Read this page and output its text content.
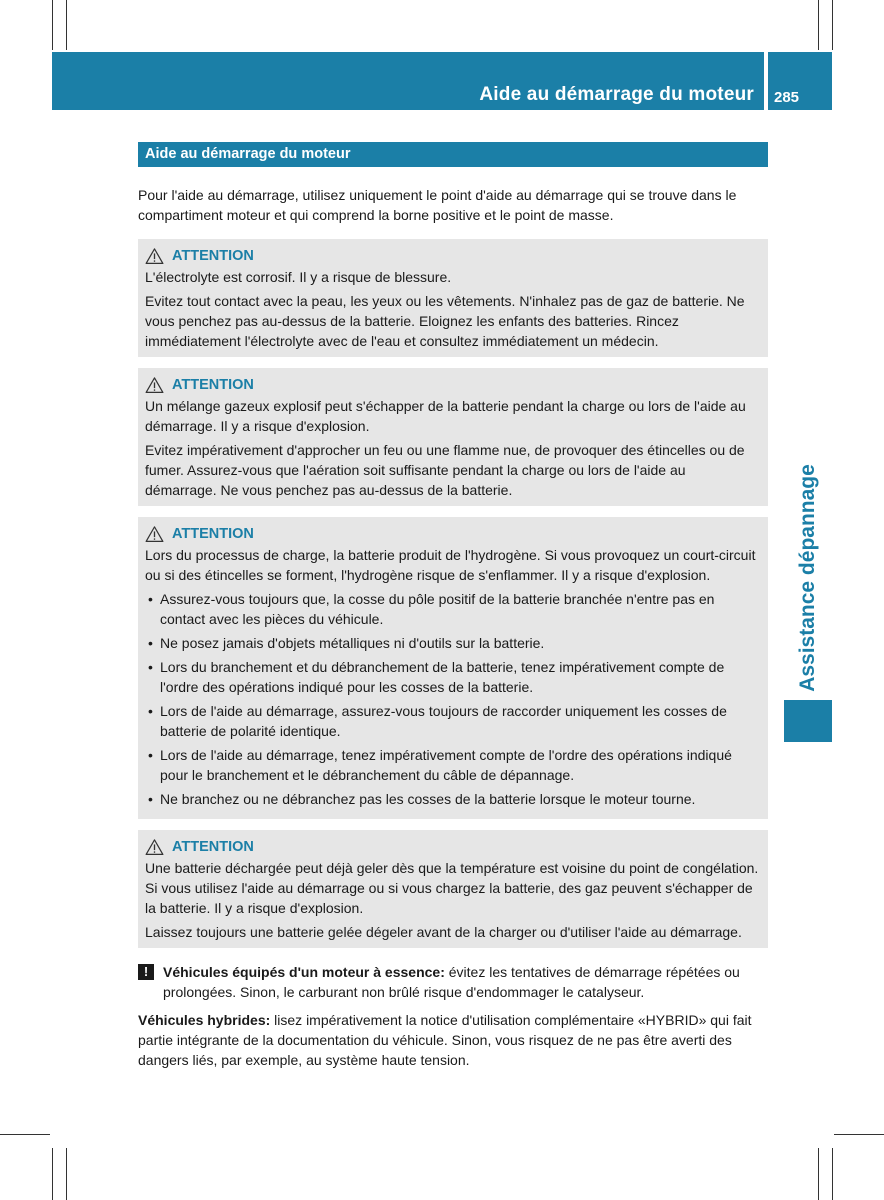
Aide au démarrage du moteur 285
Assistance dépannage
Aide au démarrage du moteur

Pour l'aide au démarrage, utilisez uniquement le point d'aide au démarrage qui se trouve dans le compartiment moteur et qui comprend la borne positive et le point de masse.

ATTENTION

L'électrolyte est corrosif. Il y a risque de blessure.

Evitez tout contact avec la peau, les yeux ou les vêtements. N'inhalez pas de gaz de batterie. Ne vous penchez pas au-dessus de la batterie. Eloignez les enfants des batteries. Rincez immédiatement l'électrolyte avec de l'eau et consultez immédiatement un médecin.

ATTENTION

Un mélange gazeux explosif peut s'échapper de la batterie pendant la charge ou lors de l'aide au démarrage. Il y a risque d'explosion.

Evitez impérativement d'approcher un feu ou une flamme nue, de provoquer des étincelles ou de fumer. Assurez-vous que l'aération soit suffisante pendant la charge ou lors de l'aide au démarrage. Ne vous penchez pas au-dessus de la batterie.

ATTENTION

Lors du processus de charge, la batterie produit de l'hydrogène. Si vous provoquez un court-circuit ou si des étincelles se forment, l'hydrogène risque de s'enflammer. Il y a risque d'explosion.

• Assurez-vous toujours que, la cosse du pôle positif de la batterie branchée n'entre pas en contact avec les pièces du véhicule.
• Ne posez jamais d'objets métalliques ni d'outils sur la batterie.
• Lors du branchement et du débranchement de la batterie, tenez impérativement compte de l'ordre des opérations indiqué pour les cosses de la batterie.
• Lors de l'aide au démarrage, assurez-vous toujours de raccorder uniquement les cosses de batterie de polarité identique.
• Lors de l'aide au démarrage, tenez impérativement compte de l'ordre des opérations indiqué pour le branchement et le débranchement du câble de dépannage.
• Ne branchez ou ne débranchez pas les cosses de la batterie lorsque le moteur tourne.
ATTENTION

Une batterie déchargée peut déjà geler dès que la température est voisine du point de congélation. Si vous utilisez l'aide au démarrage ou si vous chargez la batterie, des gaz peuvent s'échapper de la batterie. Il y a risque d'explosion.

Laissez toujours une batterie gelée dégeler avant de la charger ou d'utiliser l'aide au démarrage.

!	Véhicules équipés d'un moteur à essence: évitez les tentatives de démarrage répétées ou prolongées. Sinon, le carburant non brûlé risque d'endommager le catalyseur.

Véhicules hybrides: lisez impérativement la notice d'utilisation complémentaire «HYBRID» qui fait partie intégrante de la documentation du véhicule. Sinon, vous risquez de ne pas être averti des dangers liés, par exemple, au système haute tension.
